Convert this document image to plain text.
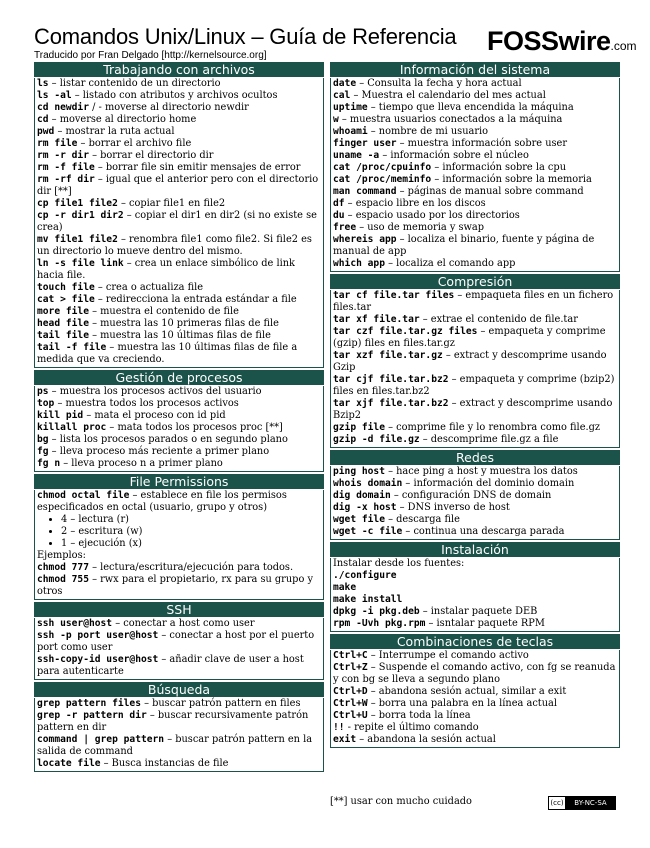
Comandos Unix/Linux – Guía de Referencia
Traducido por Fran Delgado [http://kernelsource.org]	FOSSwire.com
Trabajando con archivos
ls – listar contenido de un directorio
ls -al – listado con atributos y archivos ocultos
cd newdir / - moverse al directorio newdir
cd – moverse al directorio home
pwd – mostrar la ruta actual
rm file – borrar el archivo file
rm -r dir – borrar el directorio dir
rm -f file – borrar file sin emitir mensajes de error
rm -rf dir – igual que el anterior pero con el directorio dir [**]
cp file1 file2 – copiar file1 en file2
cp -r dir1 dir2 – copiar el dir1 en dir2 (si no existe se crea)
mv file1 file2 – renombra file1 como file2. Si file2 es un directorio lo mueve dentro del mismo.
ln -s file link – crea un enlace simbólico de link hacia file.
touch file – crea o actualiza file
cat > file – redirecciona la entrada estándar a file
more file – muestra el contenido de file
head file – muestra las 10 primeras filas de file
tail file – muestra las 10 últimas filas de file
tail -f file – muestra las 10 últimas filas de file a medida que va creciendo.
Gestión de procesos
ps – muestra los procesos activos del usuario
top – muestra todos los procesos activos
kill pid – mata el proceso con id pid
killall proc – mata todos los procesos proc [**]
bg – lista los procesos parados o en segundo plano
fg – lleva proceso más reciente a primer plano
fg n – lleva proceso n a primer plano
File Permissions
chmod octal file – establece en file los permisos especificados en octal (usuario, grupo y otros)
• 4 – lectura (r)
• 2 – escritura (w)
• 1 – ejecución (x)
Ejemplos:
chmod 777 – lectura/escritura/ejecución para todos.
chmod 755 – rwx para el propietario, rx para su grupo y otros
SSH
ssh user@host – conectar a host como user
ssh -p port user@host – conectar a host por el puerto port como user
ssh-copy-id user@host – añadir clave de user a host para autenticarte
Búsqueda
grep pattern files – buscar patrón pattern en files
grep -r pattern dir – buscar recursivamente patrón pattern en dir
command | grep pattern – buscar patrón pattern en la salida de command
locate file – Busca instancias de file
Información del sistema
date – Consulta la fecha y hora actual
cal – Muestra el calendario del mes actual
uptime – tiempo que lleva encendida la máquina
w – muestra usuarios conectados a la máquina
whoami – nombre de mi usuario
finger user – muestra información sobre user
uname -a – información sobre el núcleo
cat /proc/cpuinfo – información sobre la cpu
cat /proc/meminfo – información sobre la memoria
man command – páginas de manual sobre command
df – espacio libre en los discos
du – espacio usado por los directorios
free – uso de memoria y swap
whereis app – localiza el binario, fuente y página de manual de app
which app – localiza el comando app
Compresión
tar cf file.tar files – empaqueta files en un fichero files.tar
tar xf file.tar – extrae el contenido de file.tar
tar czf file.tar.gz files – empaqueta y comprime (gzip) files en files.tar.gz
tar xzf file.tar.gz – extract y descomprime usando Gzip
tar cjf file.tar.bz2 – empaqueta y comprime (bzip2) files en files.tar.bz2
tar xjf file.tar.bz2 – extract y descomprime usando Bzip2
gzip file – comprime file y lo renombra como file.gz
gzip -d file.gz – descomprime file.gz a file
Redes
ping host – hace ping a host y muestra los datos
whois domain – información del dominio domain
dig domain – configuración DNS de domain
dig -x host – DNS inverso de host
wget file – descarga file
wget -c file – continua una descarga parada
Instalación
Instalar desde los fuentes:
./configure
make
make install
dpkg -i pkg.deb – instalar paquete DEB
rpm -Uvh pkg.rpm – isntalar paquete RPM
Combinaciones de teclas
Ctrl+C – Interrumpe el comando activo
Ctrl+Z – Suspende el comando activo, con fg se reanuda y con bg se lleva a segundo plano
Ctrl+D – abandona sesión actual, similar a exit
Ctrl+W – borra una palabra en la línea actual
Ctrl+U – borra toda la línea
!! - repite el último comando
exit – abandona la sesión actual
[**] usar con mucho cuidado	(cc)	BY-NC-SA
